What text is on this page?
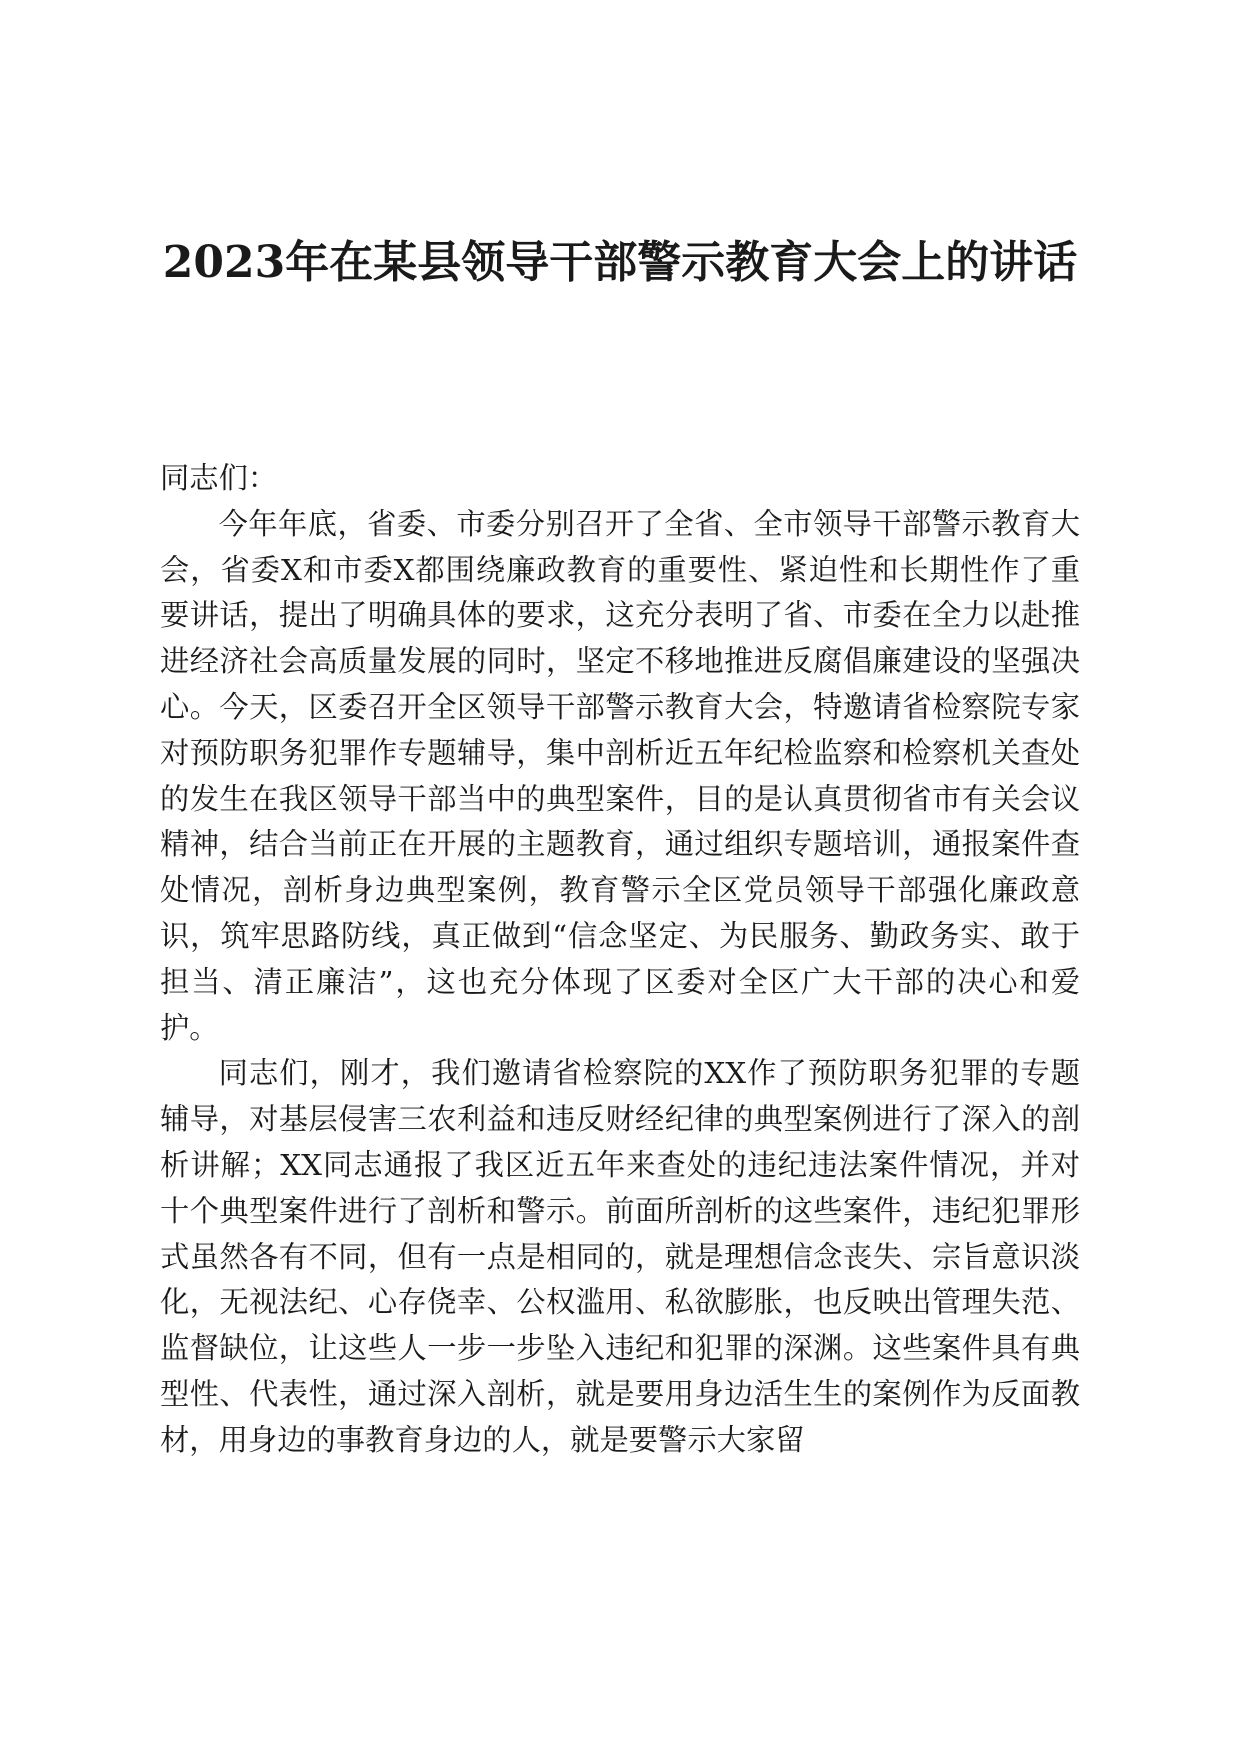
2023年在某县领导干部警示教育大会上的讲话

同志们：

今年年底，省委、市委分别召开了全省、全市领导干部警示教育大会，省委X和市委X都围绕廉政教育的重要性、紧迫性和长期性作了重要讲话，提出了明确具体的要求，这充分表明了省、市委在全力以赴推进经济社会高质量发展的同时，坚定不移地推进反腐倡廉建设的坚强决心。今天，区委召开全区领导干部警示教育大会，特邀请省检察院专家对预防职务犯罪作专题辅导，集中剖析近五年纪检监察和检察机关查处的发生在我区领导干部当中的典型案件，目的是认真贯彻省市有关会议精神，结合当前正在开展的主题教育，通过组织专题培训，通报案件查处情况，剖析身边典型案例，教育警示全区党员领导干部强化廉政意识，筑牢思路防线，真正做到“信念坚定、为民服务、勤政务实、敢于担当、清正廉洁”，这也充分体现了区委对全区广大干部的决心和爱护。

同志们，刚才，我们邀请省检察院的XX作了预防职务犯罪的专题辅导，对基层侵害三农利益和违反财经纪律的典型案例进行了深入的剖析讲解；XX同志通报了我区近五年来查处的违纪违法案件情况，并对十个典型案件进行了剖析和警示。前面所剖析的这些案件，违纪犯罪形式虽然各有不同，但有一点是相同的，就是理想信念丧失、宗旨意识淡化，无视法纪、心存侥幸、公权滥用、私欲膨胀，也反映出管理失范、监督缺位，让这些人一步一步坠入违纪和犯罪的深渊。这些案件具有典型性、代表性，通过深入剖析，就是要用身边活生生的案例作为反面教材，用身边的事教育身边的人，就是要警示大家留
